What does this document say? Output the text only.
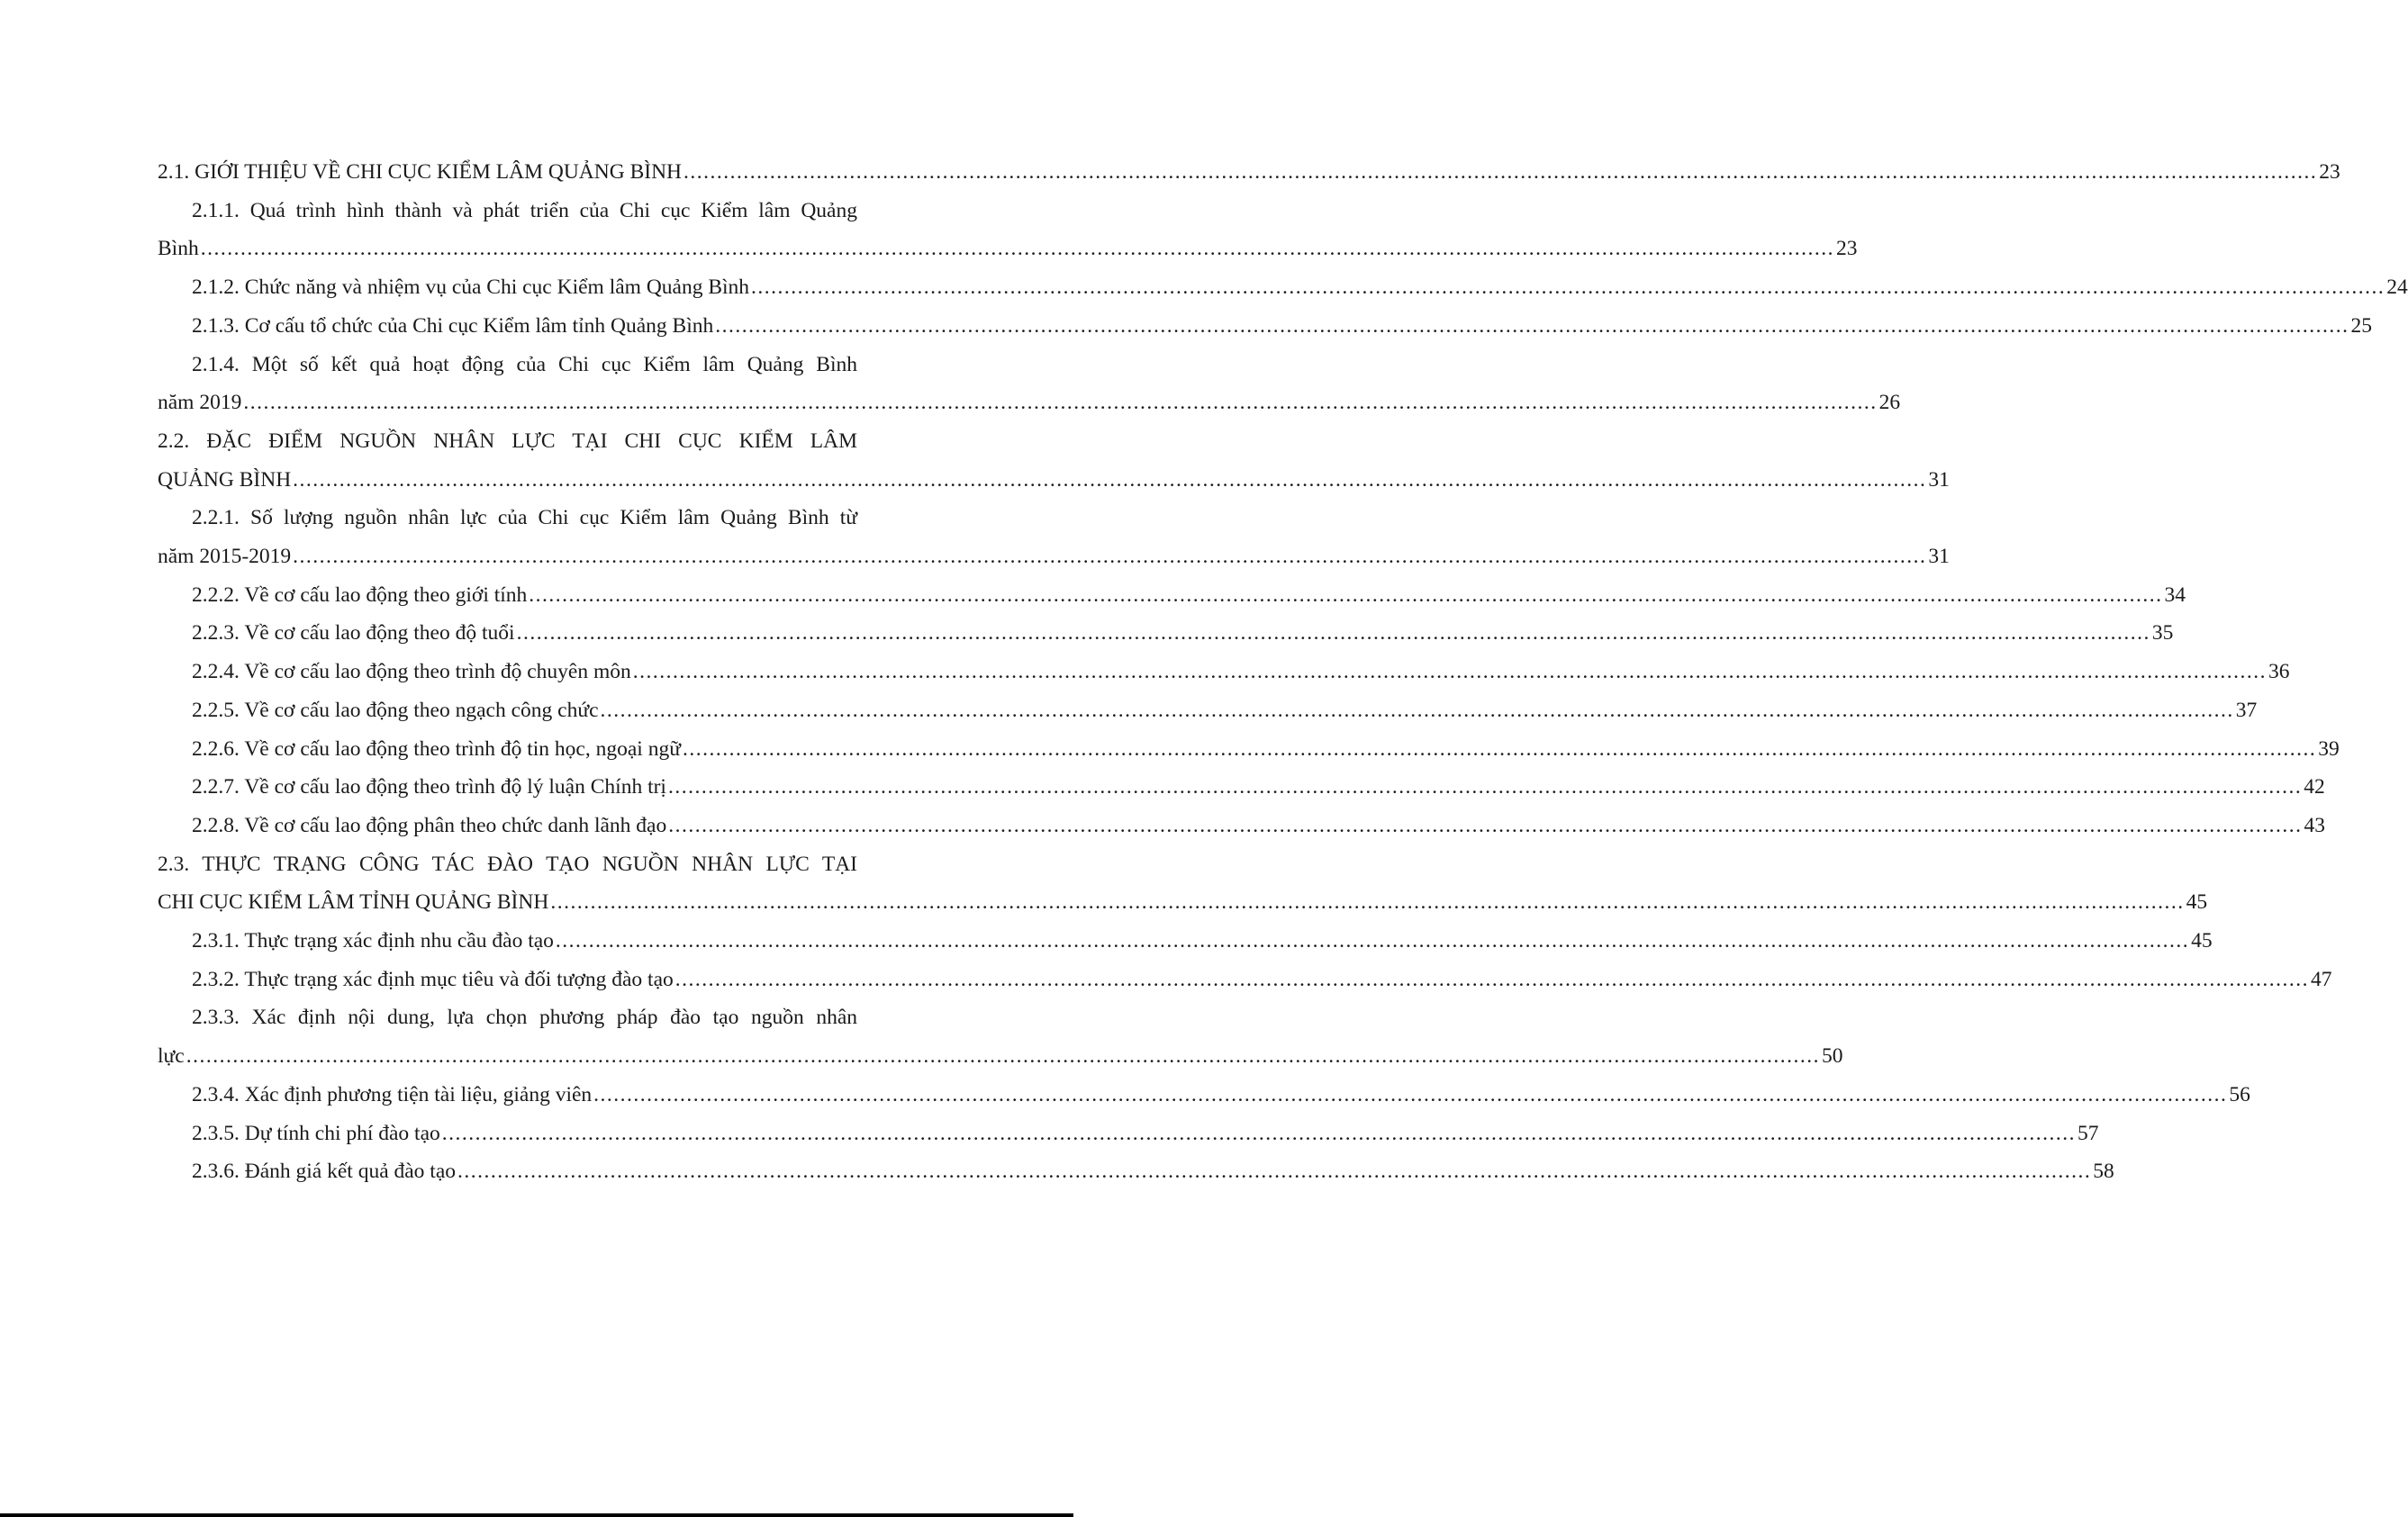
2.1. GIỚI THIỆU VỀ CHI CỤC KIỂM LÂM QUẢNG BÌNH .....	23
2.1.1. Quá trình hình thành và phát triển của Chi cục Kiểm lâm Quảng
Bình .....	23
2.1.2. Chức năng và nhiệm vụ của Chi cục Kiểm lâm Quảng Bình .....	24
2.1.3. Cơ cấu tổ chức của Chi cục Kiểm lâm tỉnh Quảng Bình .....	25
2.1.4. Một số kết quả hoạt động của Chi cục Kiểm lâm Quảng Bình
năm 2019 .....	26
2.2. ĐẶC ĐIỂM NGUỒN NHÂN LỰC TẠI CHI CỤC KIỂM LÂM
QUẢNG BÌNH .....	31
2.2.1. Số lượng nguồn nhân lực của Chi cục Kiểm lâm Quảng Bình từ
năm 2015-2019 .....	31
2.2.2. Về cơ cấu lao động theo giới tính .....	34
2.2.3. Về cơ cấu lao động theo độ tuổi .....	35
2.2.4. Về cơ cấu lao động theo trình độ chuyên môn .....	36
2.2.5. Về cơ cấu lao động theo ngạch công chức .....	37
2.2.6. Về cơ cấu lao động theo trình độ tin học, ngoại ngữ .....	39
2.2.7. Về cơ cấu lao động theo trình độ lý luận Chính trị .....	42
2.2.8. Về cơ cấu lao động phân theo chức danh lãnh đạo .....	43
2.3. THỰC TRẠNG CÔNG TÁC ĐÀO TẠO NGUỒN NHÂN LỰC TẠI
CHI CỤC KIỂM LÂM TỈNH QUẢNG BÌNH .....	45
2.3.1. Thực trạng xác định nhu cầu đào tạo .....	45
2.3.2. Thực trạng xác định mục tiêu và đối tượng đào tạo .....	47
2.3.3. Xác định nội dung, lựa chọn phương pháp đào tạo nguồn nhân
lực .....	50
2.3.4. Xác định phương tiện tài liệu, giảng viên .....	56
2.3.5. Dự tính chi phí đào tạo .....	57
2.3.6. Đánh giá kết quả đào tạo .....	58
